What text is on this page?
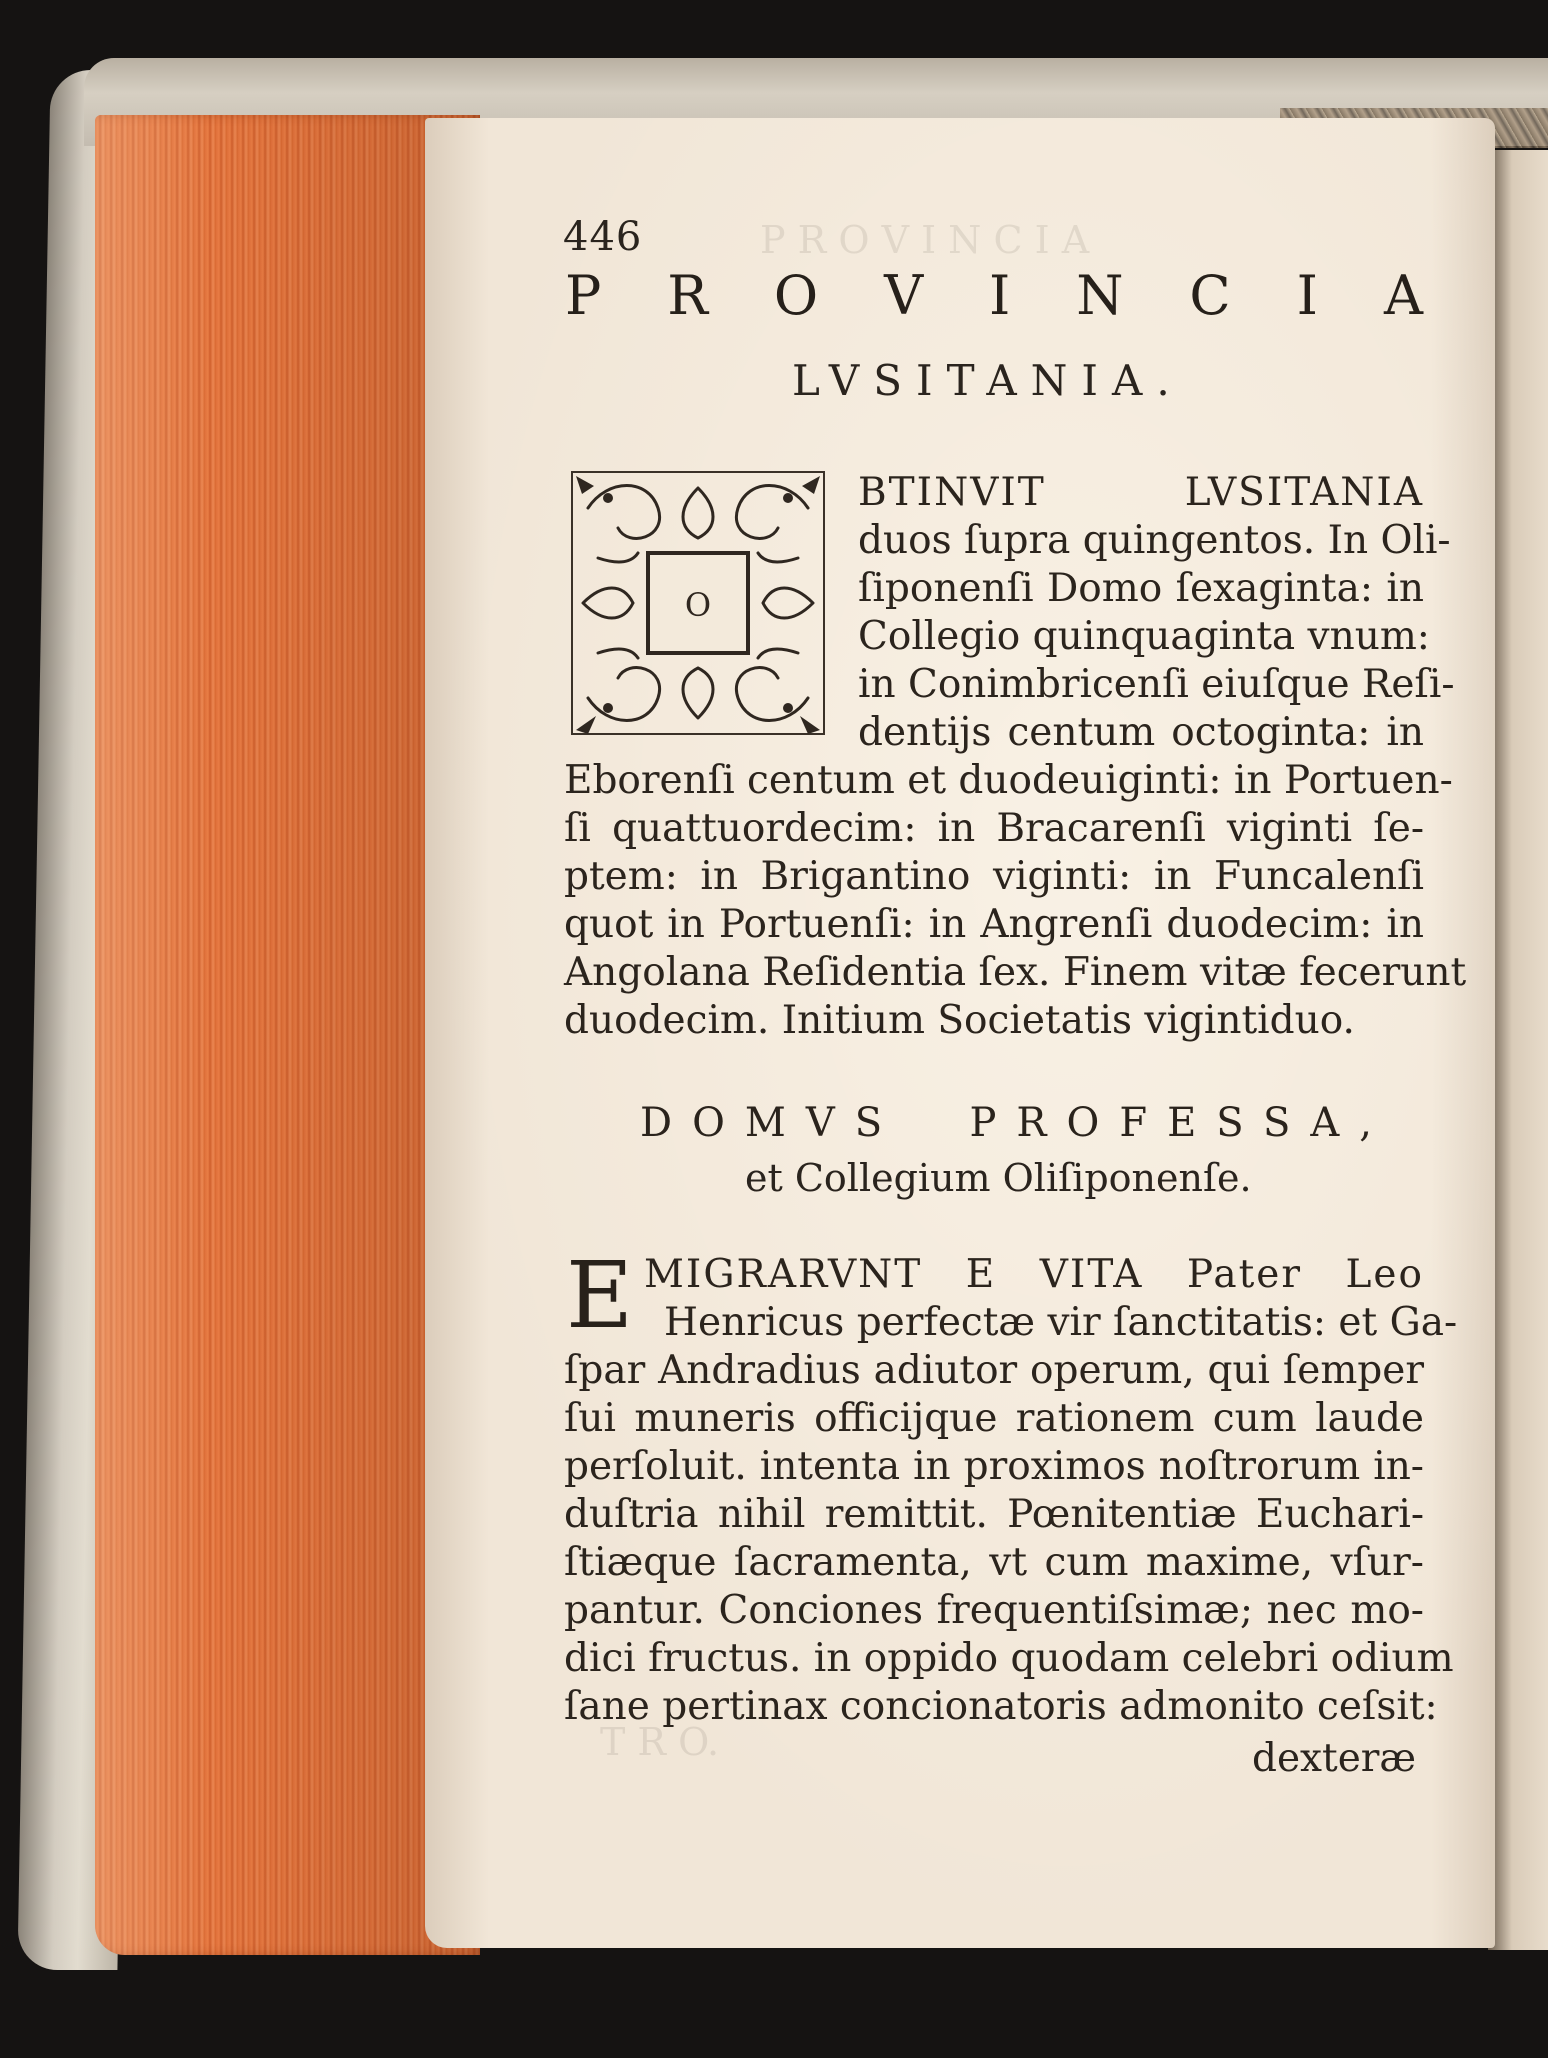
P R O V I N C I A
T R O.
446
P R O V I N C I A
LVSITANIA.
O
BTINVIT LVSITANIA
duos ſupra quingentos. In Oli-
ſiponenſi Domo ſexaginta: in
Collegio quinquaginta vnum:
in Conimbricenſi eiuſque Reſi-
dentijs centum octoginta: in
Eborenſi centum et duodeuiginti: in Portuen-
ſi quattuordecim: in Bracarenſi viginti ſe-
ptem: in Brigantino viginti: in Funcalenſi
quot in Portuenſi: in Angrenſi duodecim: in
Angolana Reſidentia ſex. Finem vitæ fecerunt
duodecim. Initium Societatis vigintiduo.
DOMVS PROFESSA,
et Collegium Oliſiponenſe.
E MIGRARVNT E VITA Pater Leo
Henricus perfectæ vir ſanctitatis: et Ga-
ſpar Andradius adiutor operum, qui ſemper
ſui muneris officijque rationem cum laude
perſoluit. intenta in proximos noſtrorum in-
duſtria nihil remittit. Pœnitentiæ Euchari-
ſtiæque ſacramenta, vt cum maxime, vſur-
pantur. Conciones frequentiſsimæ; nec mo-
dici fructus. in oppido quodam celebri odium
ſane pertinax concionatoris admonito ceſsit:
dexteræ
